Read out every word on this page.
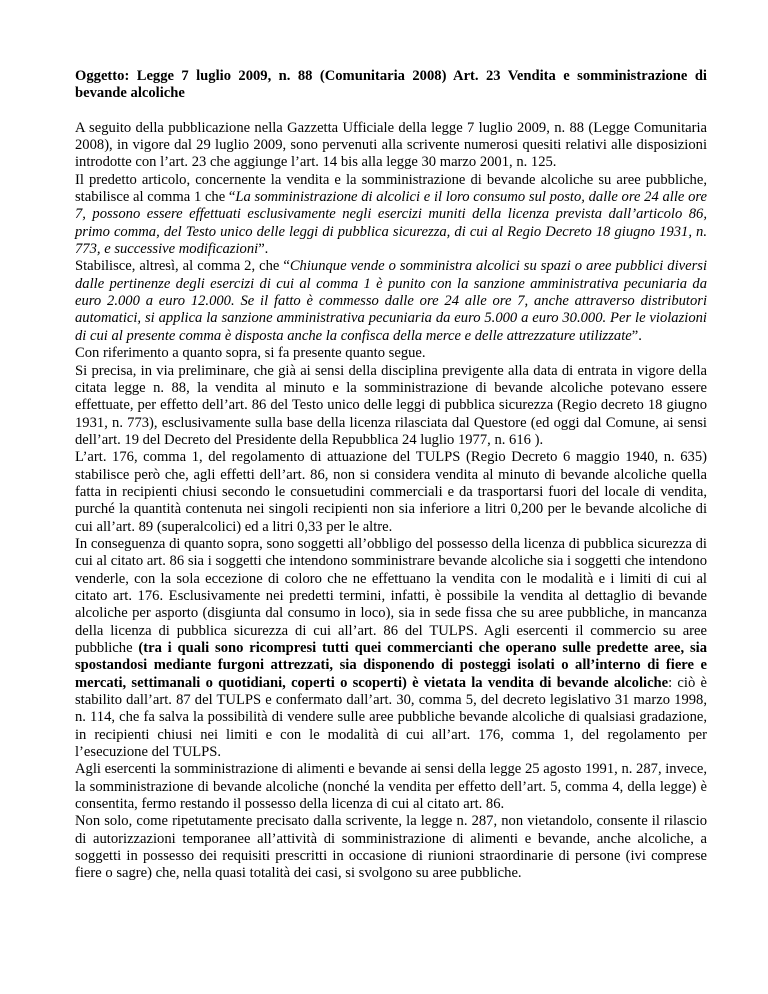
Oggetto: Legge 7 luglio 2009, n. 88 (Comunitaria 2008) Art. 23 Vendita e somministrazione di bevande alcoliche

A seguito della pubblicazione nella Gazzetta Ufficiale della legge 7 luglio 2009, n. 88 (Legge Comunitaria 2008), in vigore dal 29 luglio 2009, sono pervenuti alla scrivente numerosi quesiti relativi alle disposizioni introdotte con l’art. 23 che aggiunge l’art. 14 bis alla legge 30 marzo 2001, n. 125.

Il predetto articolo, concernente la vendita e la somministrazione di bevande alcoliche su aree pubbliche, stabilisce al comma 1 che “La somministrazione di alcolici e il loro consumo sul posto, dalle ore 24 alle ore 7, possono essere effettuati esclusivamente negli esercizi muniti della licenza prevista dall’articolo 86, primo comma, del Testo unico delle leggi di pubblica sicurezza, di cui al Regio Decreto 18 giugno 1931, n. 773, e successive modificazioni”.

Stabilisce, altresì, al comma 2, che “Chiunque vende o somministra alcolici su spazi o aree pubblici diversi dalle pertinenze degli esercizi di cui al comma 1 è punito con la sanzione amministrativa pecuniaria da euro 2.000 a euro 12.000. Se il fatto è commesso dalle ore 24 alle ore 7, anche attraverso distributori automatici, si applica la sanzione amministrativa pecuniaria da euro 5.000 a euro 30.000. Per le violazioni di cui al presente comma è disposta anche la confisca della merce e delle attrezzature utilizzate”.

Con riferimento a quanto sopra, si fa presente quanto segue.

Si precisa, in via preliminare, che già ai sensi della disciplina previgente alla data di entrata in vigore della citata legge n. 88, la vendita al minuto e la somministrazione di bevande alcoliche potevano essere effettuate, per effetto dell’art. 86 del Testo unico delle leggi di pubblica sicurezza (Regio decreto 18 giugno 1931, n. 773), esclusivamente sulla base della licenza rilasciata dal Questore (ed oggi dal Comune, ai sensi dell’art. 19 del Decreto del Presidente della Repubblica 24 luglio 1977, n. 616 ).

L’art. 176, comma 1, del regolamento di attuazione del TULPS (Regio Decreto 6 maggio 1940, n. 635) stabilisce però che, agli effetti dell’art. 86, non si considera vendita al minuto di bevande alcoliche quella fatta in recipienti chiusi secondo le consuetudini commerciali e da trasportarsi fuori del locale di vendita, purché la quantità contenuta nei singoli recipienti non sia inferiore a litri 0,200 per le bevande alcoliche di cui all’art. 89 (superalcolici) ed a litri 0,33 per le altre.

In conseguenza di quanto sopra, sono soggetti all’obbligo del possesso della licenza di pubblica sicurezza di cui al citato art. 86 sia i soggetti che intendono somministrare bevande alcoliche sia i soggetti che intendono venderle, con la sola eccezione di coloro che ne effettuano la vendita con le modalità e i limiti di cui al citato art. 176. Esclusivamente nei predetti termini, infatti, è possibile la vendita al dettaglio di bevande alcoliche per asporto (disgiunta dal consumo in loco), sia in sede fissa che su aree pubbliche, in mancanza della licenza di pubblica sicurezza di cui all’art. 86 del TULPS. Agli esercenti il commercio su aree pubbliche (tra i quali sono ricompresi tutti quei commercianti che operano sulle predette aree, sia spostandosi mediante furgoni attrezzati, sia disponendo di posteggi isolati o all’interno di fiere e mercati, settimanali o quotidiani, coperti o scoperti) è vietata la vendita di bevande alcoliche: ciò è stabilito dall’art. 87 del TULPS e confermato dall’art. 30, comma 5, del decreto legislativo 31 marzo 1998, n. 114, che fa salva la possibilità di vendere sulle aree pubbliche bevande alcoliche di qualsiasi gradazione, in recipienti chiusi nei limiti e con le modalità di cui all’art. 176, comma 1, del regolamento per l’esecuzione del TULPS.

Agli esercenti la somministrazione di alimenti e bevande ai sensi della legge 25 agosto 1991, n. 287, invece, la somministrazione di bevande alcoliche (nonché la vendita per effetto dell’art. 5, comma 4, della legge) è consentita, fermo restando il possesso della licenza di cui al citato art. 86.

Non solo, come ripetutamente precisato dalla scrivente, la legge n. 287, non vietandolo, consente il rilascio di autorizzazioni temporanee all’attività di somministrazione di alimenti e bevande, anche alcoliche, a soggetti in possesso dei requisiti prescritti in occasione di riunioni straordinarie di persone (ivi comprese fiere o sagre) che, nella quasi totalità dei casi, si svolgono su aree pubbliche.
